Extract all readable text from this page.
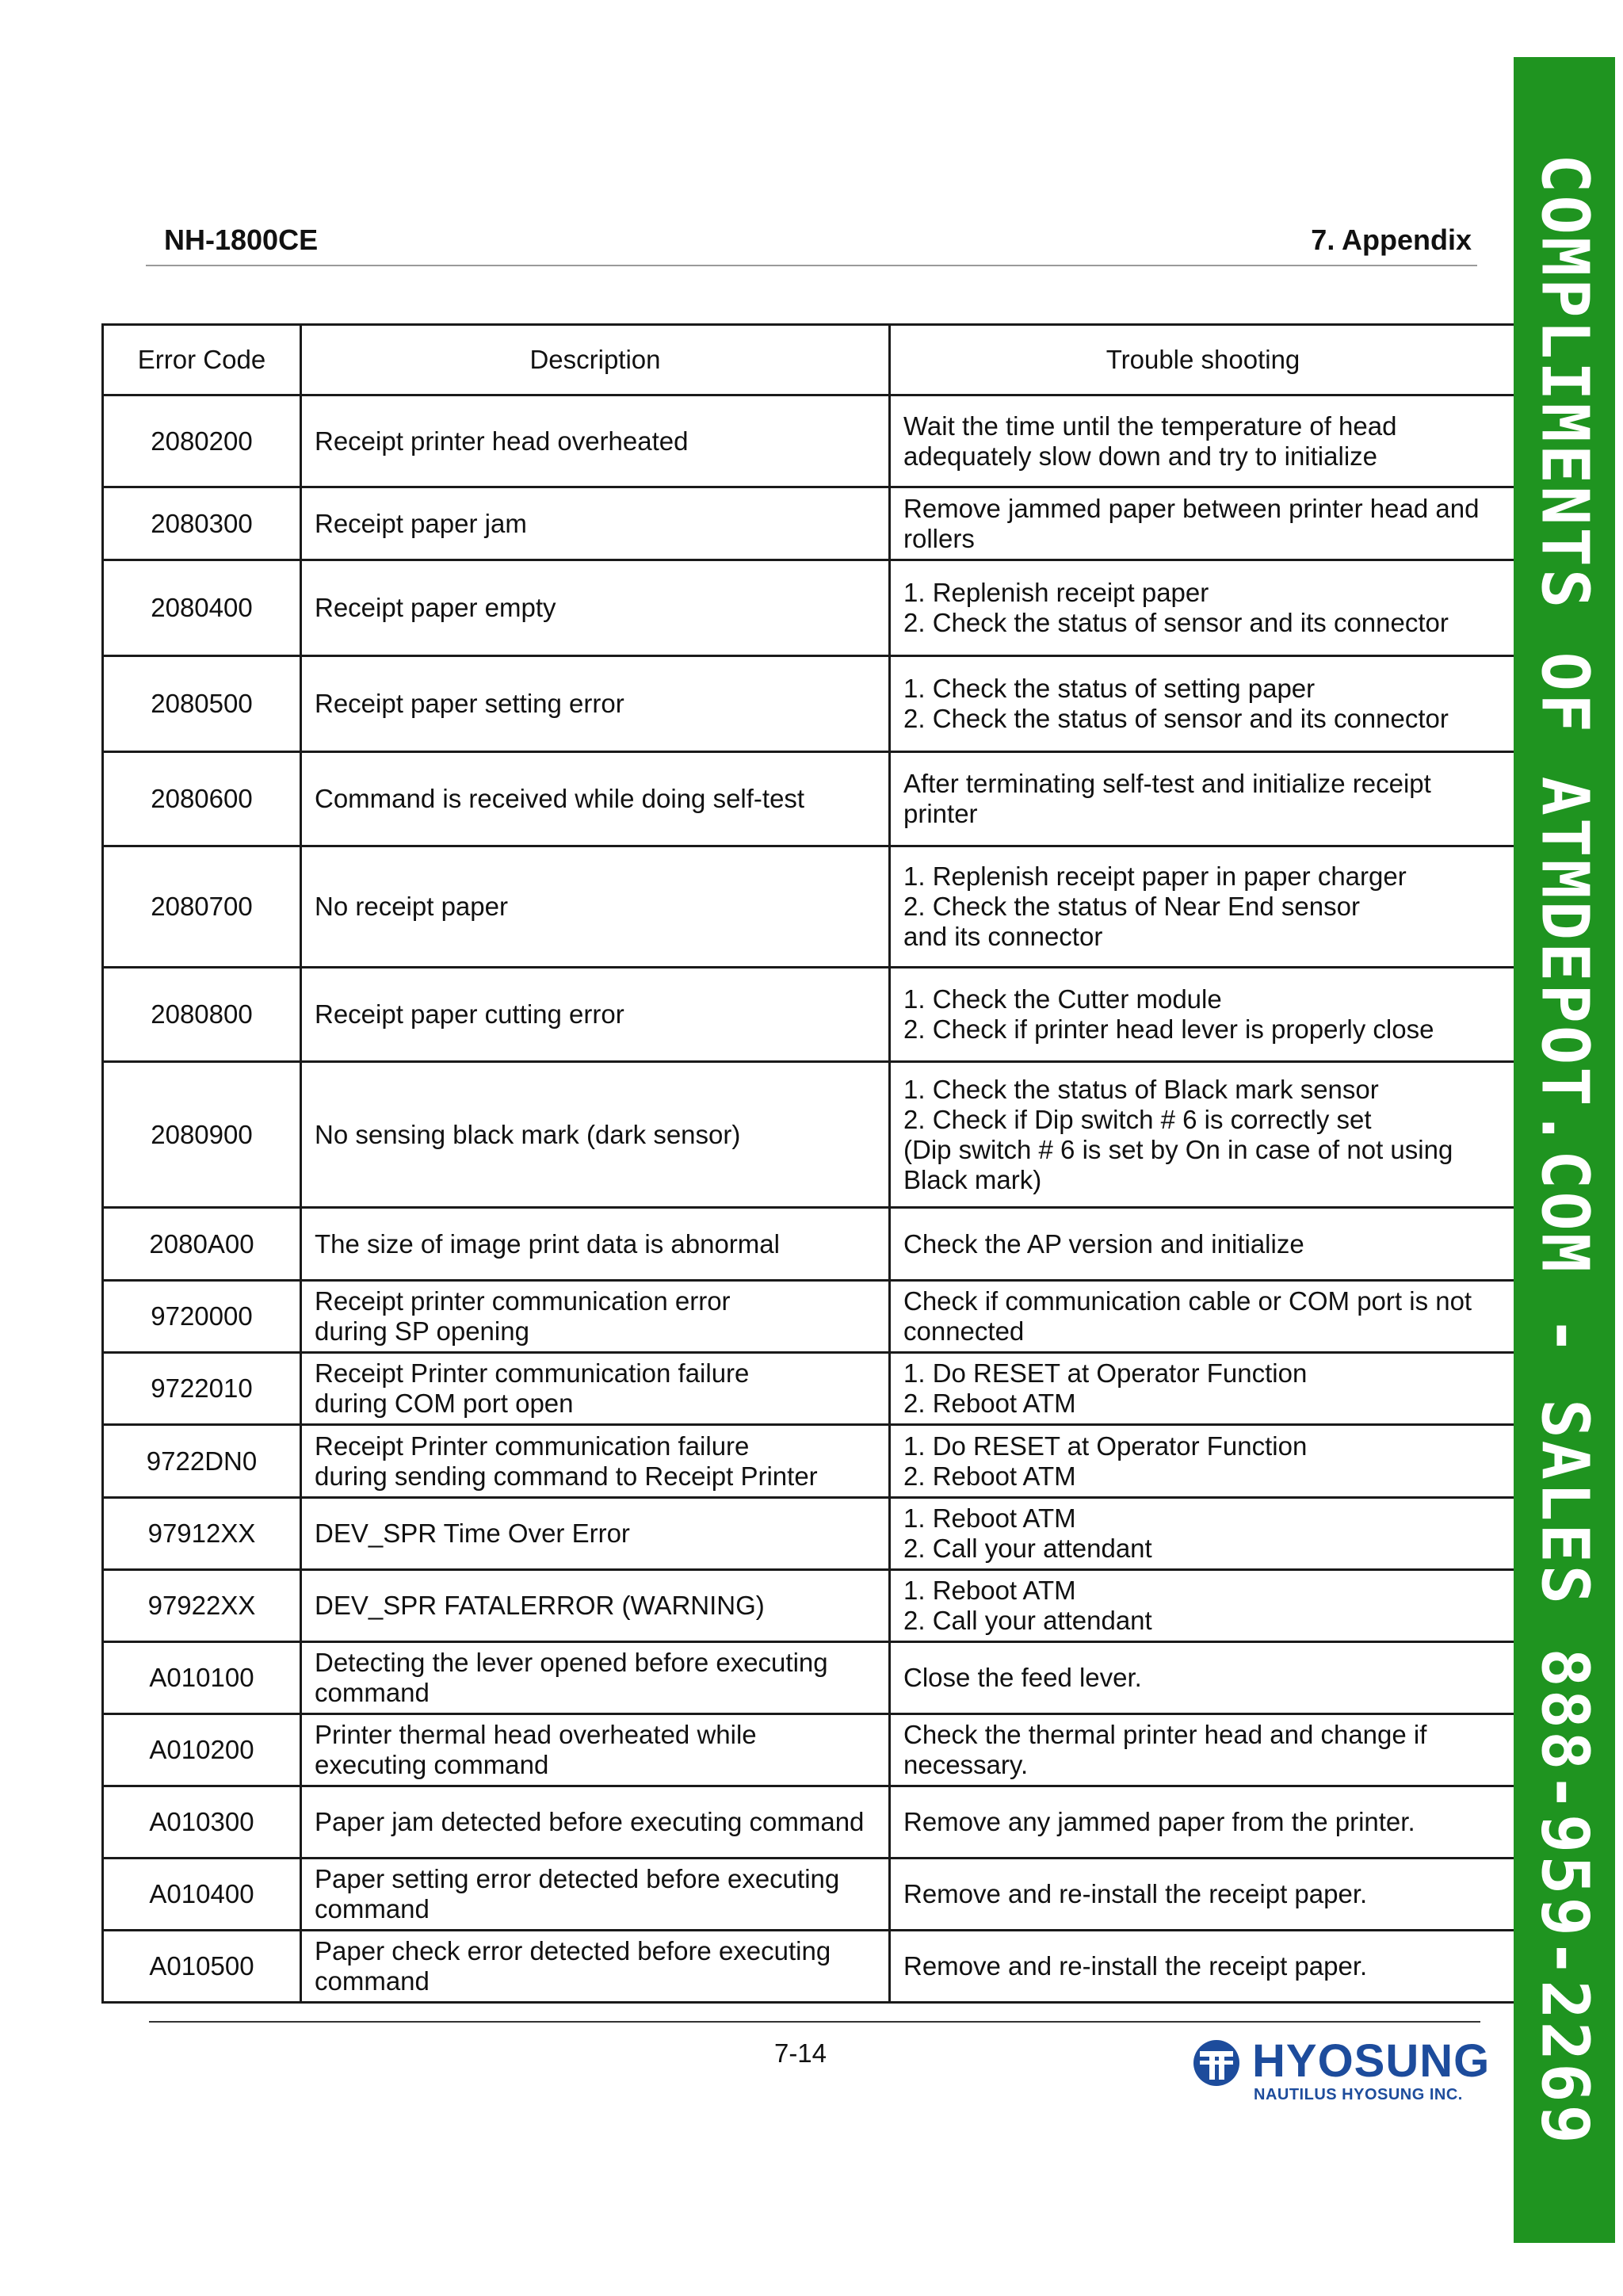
NH-1800CE	7. Appendix
Error Code	Description	Trouble shooting
2080200	Receipt printer head overheated	Wait the time until the temperature of head
adequately slow down and try to initialize
2080300	Receipt paper jam	Remove jammed paper between printer head and
rollers
2080400	Receipt paper empty	1. Replenish receipt paper
2. Check the status of sensor and its connector
2080500	Receipt paper setting error	1. Check the status of setting paper
2. Check the status of sensor and its connector
2080600	Command is received while doing self-test	After terminating self-test and initialize receipt
printer
2080700	No receipt paper	1. Replenish receipt paper in paper charger
2. Check the status of Near End sensor
and its connector
2080800	Receipt paper cutting error	1. Check the Cutter module
2. Check if printer head lever is properly close
2080900	No sensing black mark (dark sensor)	1. Check the status of Black mark sensor
2. Check if Dip switch # 6 is correctly set
(Dip switch # 6 is set by On in case of not using
Black mark)
2080A00	The size of image print data is abnormal	Check the AP version and initialize
9720000	Receipt printer communication error
during SP opening	Check if communication cable or COM port is not
connected
9722010	Receipt Printer communication failure
during COM port open	1. Do RESET at Operator Function
2. Reboot ATM
9722DN0	Receipt Printer communication failure
during sending command to Receipt Printer	1. Do RESET at Operator Function
2. Reboot ATM
97912XX	DEV_SPR Time Over Error	1. Reboot ATM
2. Call your attendant
97922XX	DEV_SPR FATALERROR (WARNING)	1. Reboot ATM
2. Call your attendant
A010100	Detecting the lever opened before executing
command	Close the feed lever.
A010200	Printer thermal head overheated while
executing command	Check the thermal printer head and change if
necessary.
A010300	Paper jam detected before executing command	Remove any jammed paper from the printer.
A010400	Paper setting error detected before executing
command	Remove and re-install the receipt paper.
A010500	Paper check error detected before executing
command	Remove and re-install the receipt paper.
7-14	HYOSUNG
NAUTILUS HYOSUNG INC. COMPLIMENTS OF ATMDEPOT.COM - SALES 888-959-2269
